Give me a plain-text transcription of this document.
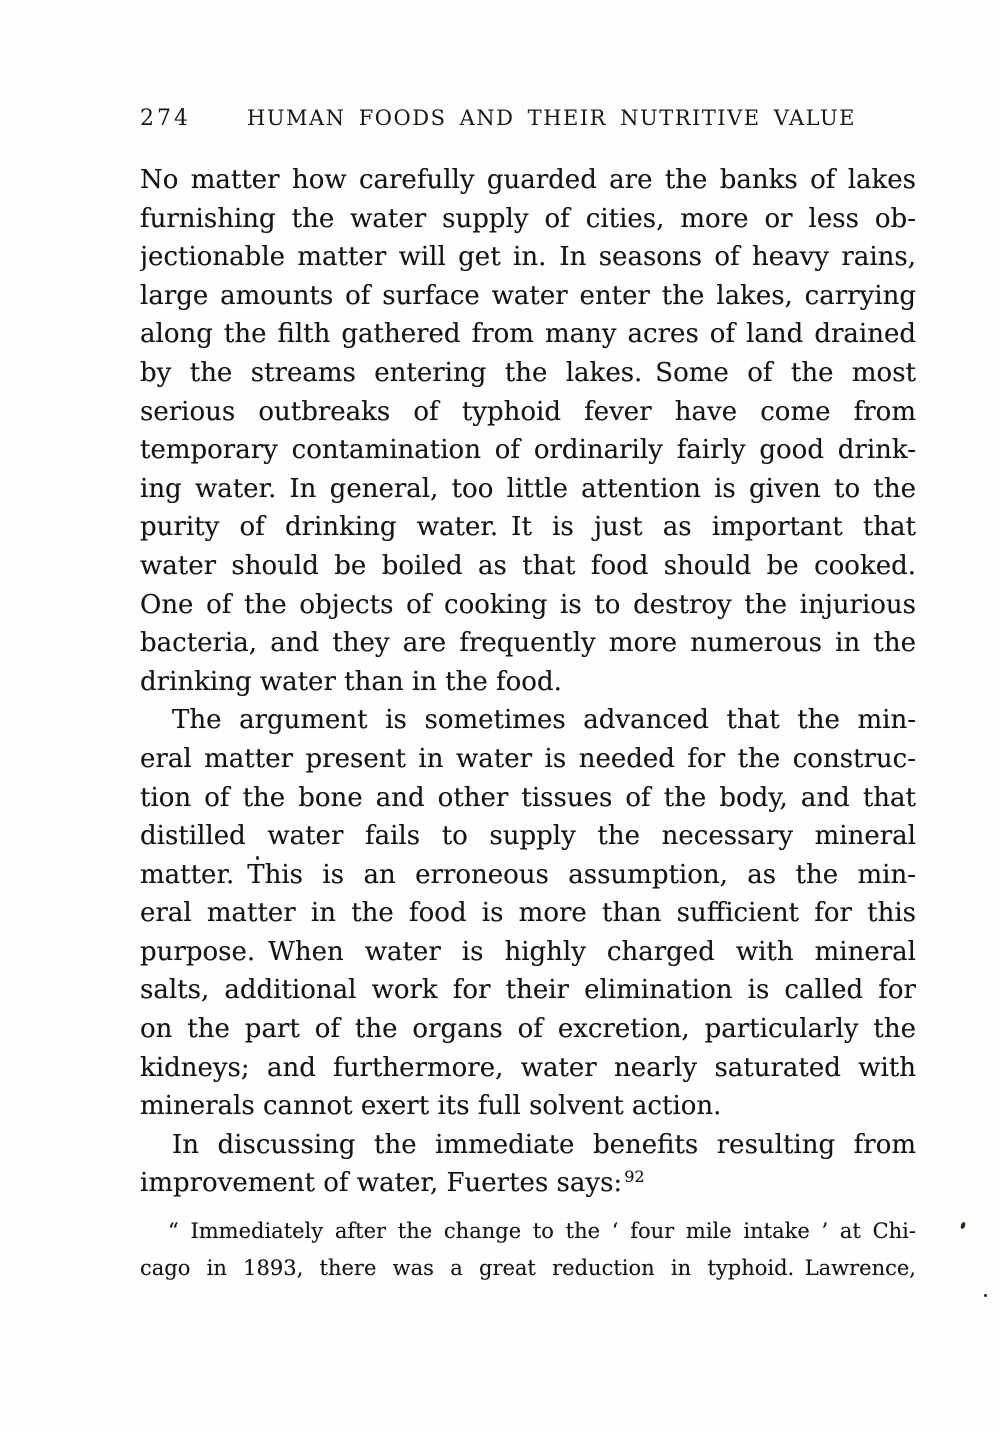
274	HUMAN FOODS AND THEIR NUTRITIVE VALUE
No matter how carefully guarded are the banks of lakes
furnishing the water supply of cities, more or less ob-
jectionable matter will get in. In seasons of heavy rains,
large amounts of surface water enter the lakes, carrying
along the filth gathered from many acres of land drained
by the streams entering the lakes. Some of the most
serious outbreaks of typhoid fever have come from
temporary contamination of ordinarily fairly good drink-
ing water. In general, too little attention is given to the
purity of drinking water. It is just as important that
water should be boiled as that food should be cooked.
One of the objects of cooking is to destroy the injurious
bacteria, and they are frequently more numerous in the
drinking water than in the food.
The argument is sometimes advanced that the min-
eral matter present in water is needed for the construc-
tion of the bone and other tissues of the body, and that
distilled water fails to supply the necessary mineral
matter. This is an erroneous assumption, as the min-
eral matter in the food is more than sufficient for this
purpose. When water is highly charged with mineral
salts, additional work for their elimination is called for
on the part of the organs of excretion, particularly the
kidneys; and furthermore, water nearly saturated with
minerals cannot exert its full solvent action.
In discussing the immediate benefits resulting from
improvement of water, Fuertes says: $^{92}$
“ Immediately after the change to the ‘ four mile intake ’ at Chi-
cago in 1893, there was a great reduction in typhoid. Lawrence,
